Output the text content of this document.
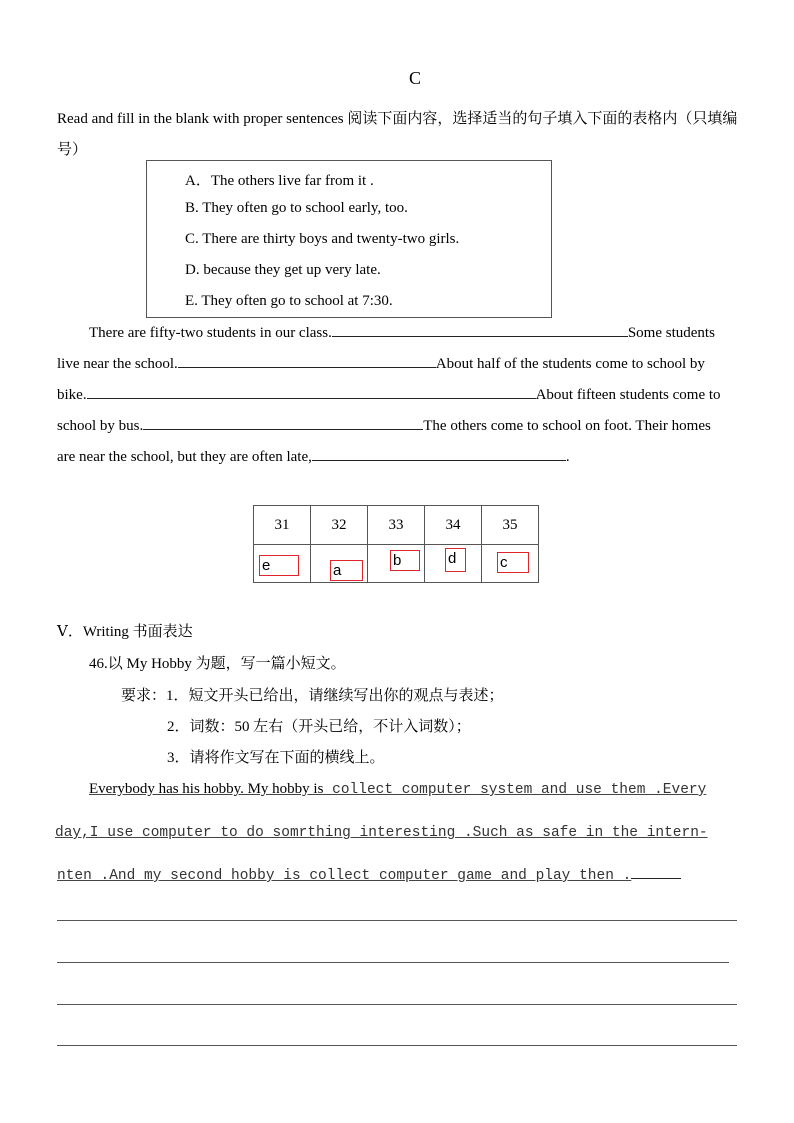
C
Read and fill in the blank with proper sentences 阅读下面内容，选择适当的句子填入下面的表格内（只填编号）
A．The others live far from it .
B. They often go to school early, too.
C. There are thirty boys and twenty-two girls.
D. because they get up very late.
E. They often go to school at 7:30.
There are fifty-two students in our class.	Some students
live near the school.	About half of the students come to school by
bike.	About fifteen students come to
school by bus.	The others come to school on foot. Their homes
are near the school, but they are often late,	.
31	32	33	34	35

e	a	b	d	c
Ⅴ．Writing 书面表达
46.以 My Hobby 为题，写一篇小短文。
要求：1．短文开头已给出，请继续写出你的观点与表述；
2．词数：50 左右（开头已给，不计入词数）；
3．请将作文写在下面的横线上。
Everybody has his hobby. My hobby is collect computer system and use them .Every
day,I use computer to do somrthing interesting .Such as safe in the intern-
nten .And my second hobby is collect computer game and play then .
